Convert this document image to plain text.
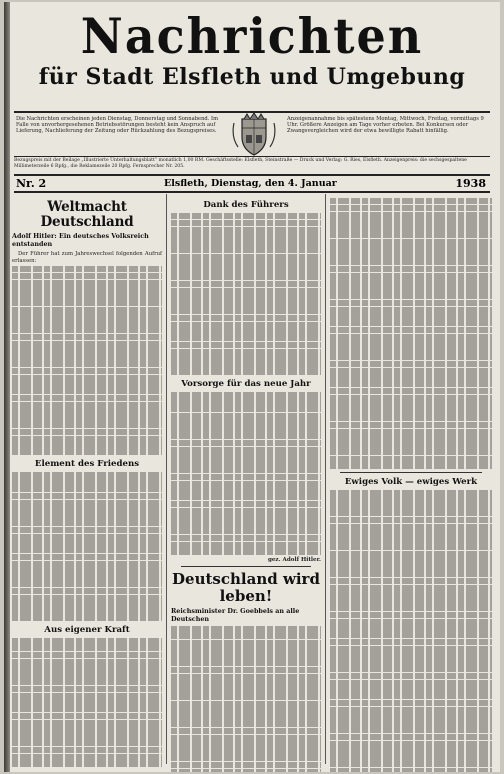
Nachrichten
für Stadt Elsfleth und Umgebung
Die Nachrichten erscheinen jeden Dienstag, Donnerstag und Sonnabend. Im Falle von unvorhergesehenen Betriebsstörungen besteht kein Anspruch auf Lieferung, Nachlieferung der Zeitung oder Rückzahlung des Bezugspreises.
Anzeigenannahme bis spätestens Montag, Mittwoch, Freitag, vormittags 9 Uhr. Größere Anzeigen am Tage vorher erbeten. Bei Konkursen oder Zwangsvergleichen wird der etwa bewilligte Rabatt hinfällig.
Bezugspreis mit der Beilage „Illustrierte Unterhaltungsblatt“ monatlich 1,00 RM. Geschäftsstelle: Elsfleth, Steinstraße — Druck und Verlag: G. Ries, Elsfleth. Anzeigenpreis: die sechsgespaltene Millimeterzeile 6 Rpfg., die Reklamezeile 20 Rpfg. Fernsprecher Nr. 205.
Nr. 2	Elsfleth, Dienstag, den 4. Januar	1938
Weltmacht Deutschland
Adolf Hitler: Ein deutsches Volksreich entstanden

Der Führer hat zum Jahreswechsel folgenden Aufruf erlassen:

Element des Friedens
Aus eigener Kraft
Dank des Führers
Vorsorge für das neue Jahr
gez. Adolf Hitler.
Deutschland wird leben!
Reichsminister Dr. Goebbels an alle Deutschen
Ewiges Volk — ewiges Werk
